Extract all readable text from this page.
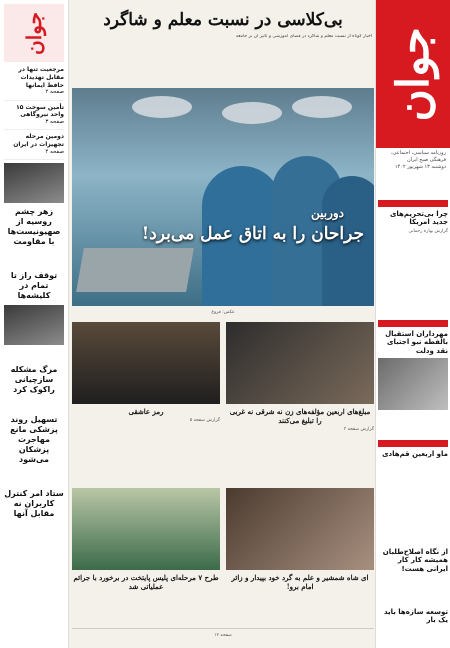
جوان
روزنامه سیاسی، اجتماعی، فرهنگی صبح ایران
دوشنبه ۱۳ شهریور ۱۴۰۲
چرا بی‌تحریم‌های جدید امریکا
گزارش بهاره رحمانی
مهرداران استقبال بالفطه نبو اجتبای نقد ودلت
ماو اربعین قم‌هادی
از نگاه اصلاح‌طلبان همیشه کار کار ایرانی هست!
توسعه سازه‌ها باید یک بار
جوان
مرجعیت تنها در مقابل تهدیدات حافظ ایمانها
صفحه ۲
تأمین سوخت ۱۵ واحد نیروگاهی
صفحه ۳
دومین مرحله تجهیزات در ایران
صفحه ۴
زهر چشم روسیه از صهیونیست‌ها با مقاومت
توقف راز تا تمام در کلیشه‌ها
مرگ مشکله سازچیانی راکوک کرد
تسهیل روند پزشکی مانع مهاجرت پزشکان می‌شود
ستاد امر کنترل کاربران نه مقابل آنها
بی‌کلاسی در نسبت معلم و شاگرد
اخبار کوتاه از نسبت معلم و شاگرد در فضای آموزشی و تاثیر آن بر جامعه
دوربین
جراحان را به اتاق عمل می‌برد!
عکس: فروغ
مبلغ‌های اربعین مؤلفه‌های زن نه شرقی نه غربی را تبلیغ می‌کنند
گزارش صفحه ۳
رمز عاشقی
گزارش صفحه ۵
ای شاه شمشیر و علم به گرد خود بپیدار و زائر امام برو!
طرح ۷ مرحله‌ای پلیس پایتخت در برخورد با جرائم عملیاتی شد
صفحه ۱۲
